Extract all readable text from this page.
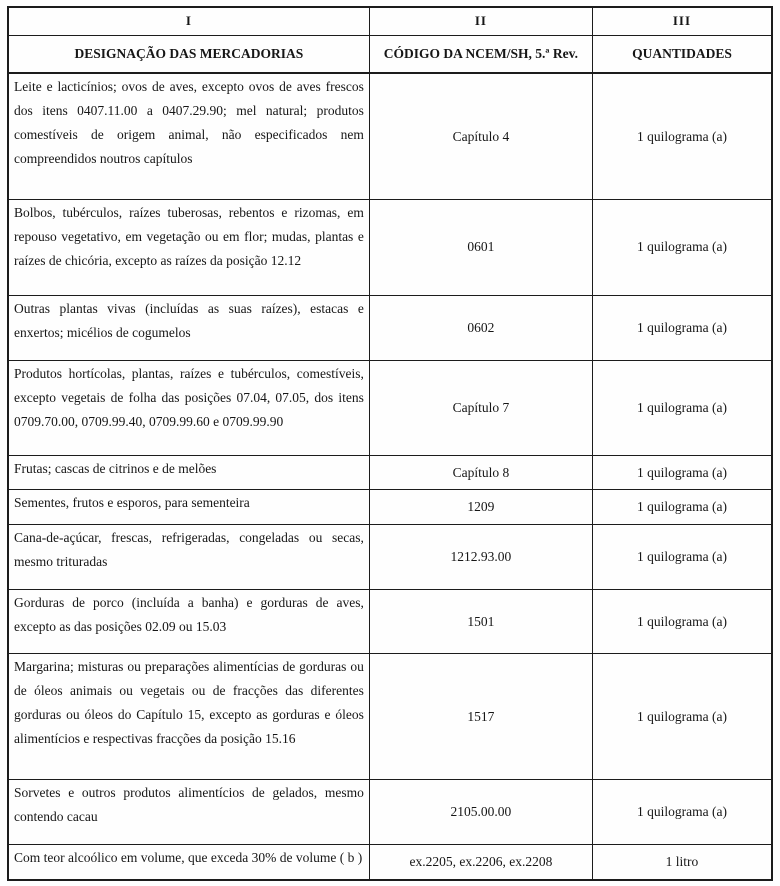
I	II	III
DESIGNAÇÃO DAS MERCADORIAS	CÓDIGO DA NCEM/SH, 5.ª Rev.	QUANTIDADES
Leite e lacticínios; ovos de aves, excepto ovos de aves frescos dos itens 0407.11.00 a 0407.29.90; mel natural; produtos comestíveis de origem animal, não especificados nem compreendidos noutros capítulos	Capítulo 4	1 quilograma (a)
Bolbos, tubérculos, raízes tuberosas, rebentos e rizomas, em repouso vegetativo, em vegetação ou em flor; mudas, plantas e raízes de chicória, excepto as raízes da posição 12.12	0601	1 quilograma (a)
Outras plantas vivas (incluídas as suas raízes), estacas e enxertos; micélios de cogumelos	0602	1 quilograma (a)
Produtos hortícolas, plantas, raízes e tubérculos, comestíveis, excepto vegetais de folha das posições 07.04, 07.05, dos itens 0709.70.00, 0709.99.40, 0709.99.60 e 0709.99.90	Capítulo 7	1 quilograma (a)
Frutas; cascas de citrinos e de melões	Capítulo 8	1 quilograma (a)
Sementes, frutos e esporos, para sementeira	1209	1 quilograma (a)
Cana-de-açúcar, frescas, refrigeradas, congeladas ou secas, mesmo trituradas	1212.93.00	1 quilograma (a)
Gorduras de porco (incluída a banha) e gorduras de aves, excepto as das posições 02.09 ou 15.03	1501	1 quilograma (a)
Margarina; misturas ou preparações alimentícias de gorduras ou de óleos animais ou vegetais ou de fracções das diferentes gorduras ou óleos do Capítulo 15, excepto as gorduras e óleos alimentícios e respectivas fracções da posição 15.16	1517	1 quilograma (a)
Sorvetes e outros produtos alimentícios de gelados, mesmo contendo cacau	2105.00.00	1 quilograma (a)
Com teor alcoólico em volume, que exceda 30% de volume ( b )	ex.2205, ex.2206, ex.2208	1 litro
